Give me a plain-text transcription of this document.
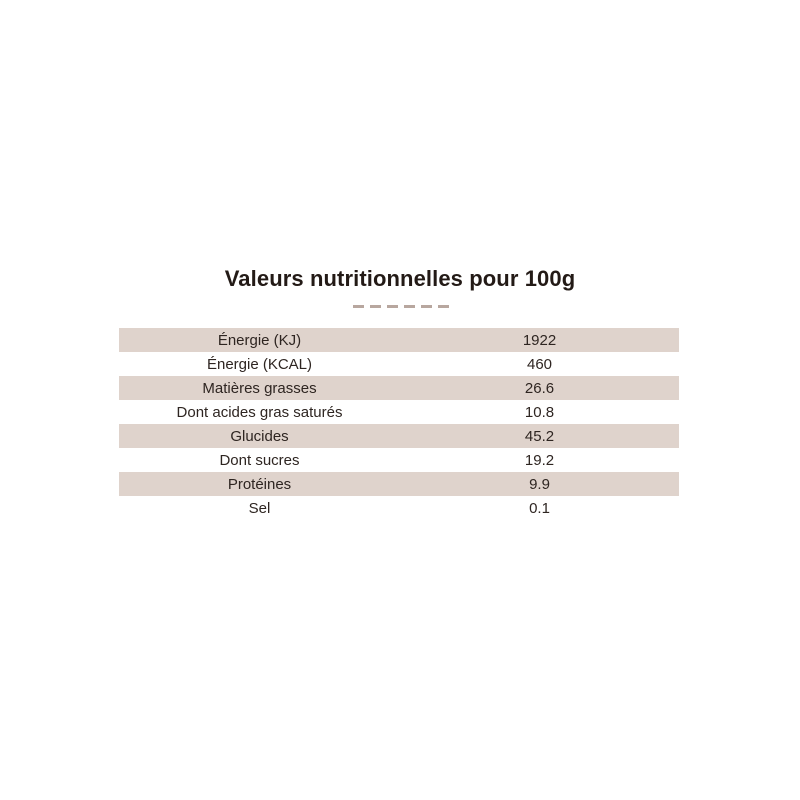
Valeurs nutritionnelles pour 100g
Énergie (KJ)	1922
Énergie (KCAL)	460
Matières grasses	26.6
Dont acides gras saturés	10.8
Glucides	45.2
Dont sucres	19.2
Protéines	9.9
Sel	0.1
